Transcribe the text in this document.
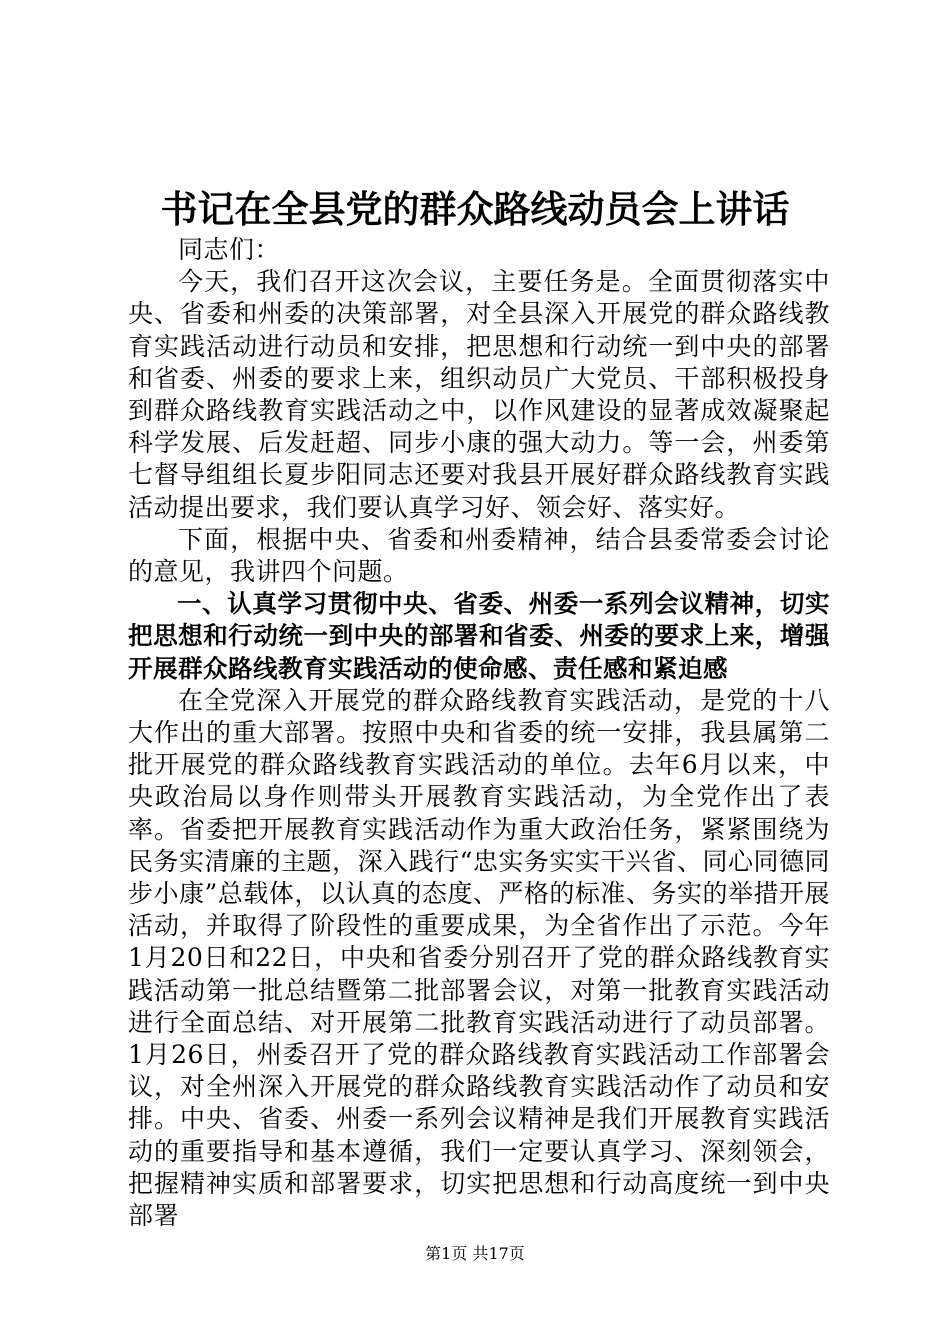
书记在全县党的群众路线动员会上讲话

同志们：

今天，我们召开这次会议，主要任务是。全面贯彻落实中央、省委和州委的决策部署，对全县深入开展党的群众路线教育实践活动进行动员和安排，把思想和行动统一到中央的部署和省委、州委的要求上来，组织动员广大党员、干部积极投身到群众路线教育实践活动之中，以作风建设的显著成效凝聚起科学发展、后发赶超、同步小康的强大动力。等一会，州委第七督导组组长夏步阳同志还要对我县开展好群众路线教育实践活动提出要求，我们要认真学习好、领会好、落实好。

下面，根据中央、省委和州委精神，结合县委常委会讨论的意见，我讲四个问题。

一、认真学习贯彻中央、省委、州委一系列会议精神，切实把思想和行动统一到中央的部署和省委、州委的要求上来，增强开展群众路线教育实践活动的使命感、责任感和紧迫感

在全党深入开展党的群众路线教育实践活动，是党的十八大作出的重大部署。按照中央和省委的统一安排，我县属第二批开展党的群众路线教育实践活动的单位。去年6月以来，中央政治局以身作则带头开展教育实践活动，为全党作出了表率。省委把开展教育实践活动作为重大政治任务，紧紧围绕为民务实清廉的主题，深入践行“忠实务实实干兴省、同心同德同步小康”总载体，以认真的态度、严格的标准、务实的举措开展活动，并取得了阶段性的重要成果，为全省作出了示范。今年1月20日和22日，中央和省委分别召开了党的群众路线教育实践活动第一批总结暨第二批部署会议，对第一批教育实践活动进行全面总结、对开展第二批教育实践活动进行了动员部署。1月26日，州委召开了党的群众路线教育实践活动工作部署会议，对全州深入开展党的群众路线教育实践活动作了动员和安排。中央、省委、州委一系列会议精神是我们开展教育实践活动的重要指导和基本遵循，我们一定要认真学习、深刻领会，把握精神实质和部署要求，切实把思想和行动高度统一到中央部署

第1页 共17页
